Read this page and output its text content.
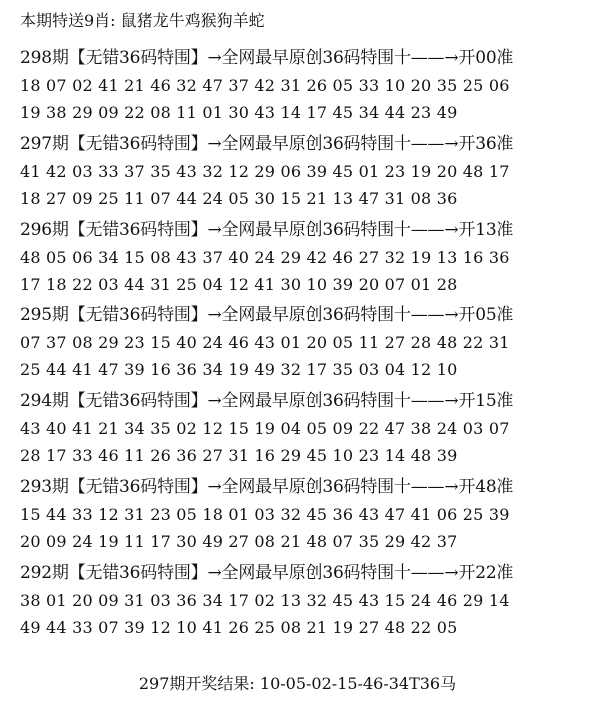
本期特送9肖: 鼠猪龙牛鸡猴狗羊蛇
298期【无错36码特围】→全网最早原创36码特围十——→开00准
18 07 02 41 21 46 32 47 37 42 31 26 05 33 10 20 35 25 06
19 38 29 09 22 08 11 01 30 43 14 17 45 34 44 23 49
297期【无错36码特围】→全网最早原创36码特围十——→开36准
41 42 03 33 37 35 43 32 12 29 06 39 45 01 23 19 20 48 17
18 27 09 25 11 07 44 24 05 30 15 21 13 47 31 08 36
296期【无错36码特围】→全网最早原创36码特围十——→开13准
48 05 06 34 15 08 43 37 40 24 29 42 46 27 32 19 13 16 36
17 18 22 03 44 31 25 04 12 41 30 10 39 20 07 01 28
295期【无错36码特围】→全网最早原创36码特围十——→开05准
07 37 08 29 23 15 40 24 46 43 01 20 05 11 27 28 48 22 31
25 44 41 47 39 16 36 34 19 49 32 17 35 03 04 12 10
294期【无错36码特围】→全网最早原创36码特围十——→开15准
43 40 41 21 34 35 02 12 15 19 04 05 09 22 47 38 24 03 07
28 17 33 46 11 26 36 27 31 16 29 45 10 23 14 48 39
293期【无错36码特围】→全网最早原创36码特围十——→开48准
15 44 33 12 31 23 05 18 01 03 32 45 36 43 47 41 06 25 39
20 09 24 19 11 17 30 49 27 08 21 48 07 35 29 42 37
292期【无错36码特围】→全网最早原创36码特围十——→开22准
38 01 20 09 31 03 36 34 17 02 13 32 45 43 15 24 46 29 14
49 44 33 07 39 12 10 41 26 25 08 21 19 27 48 22 05
297期开奖结果: 10-05-02-15-46-34T36马
